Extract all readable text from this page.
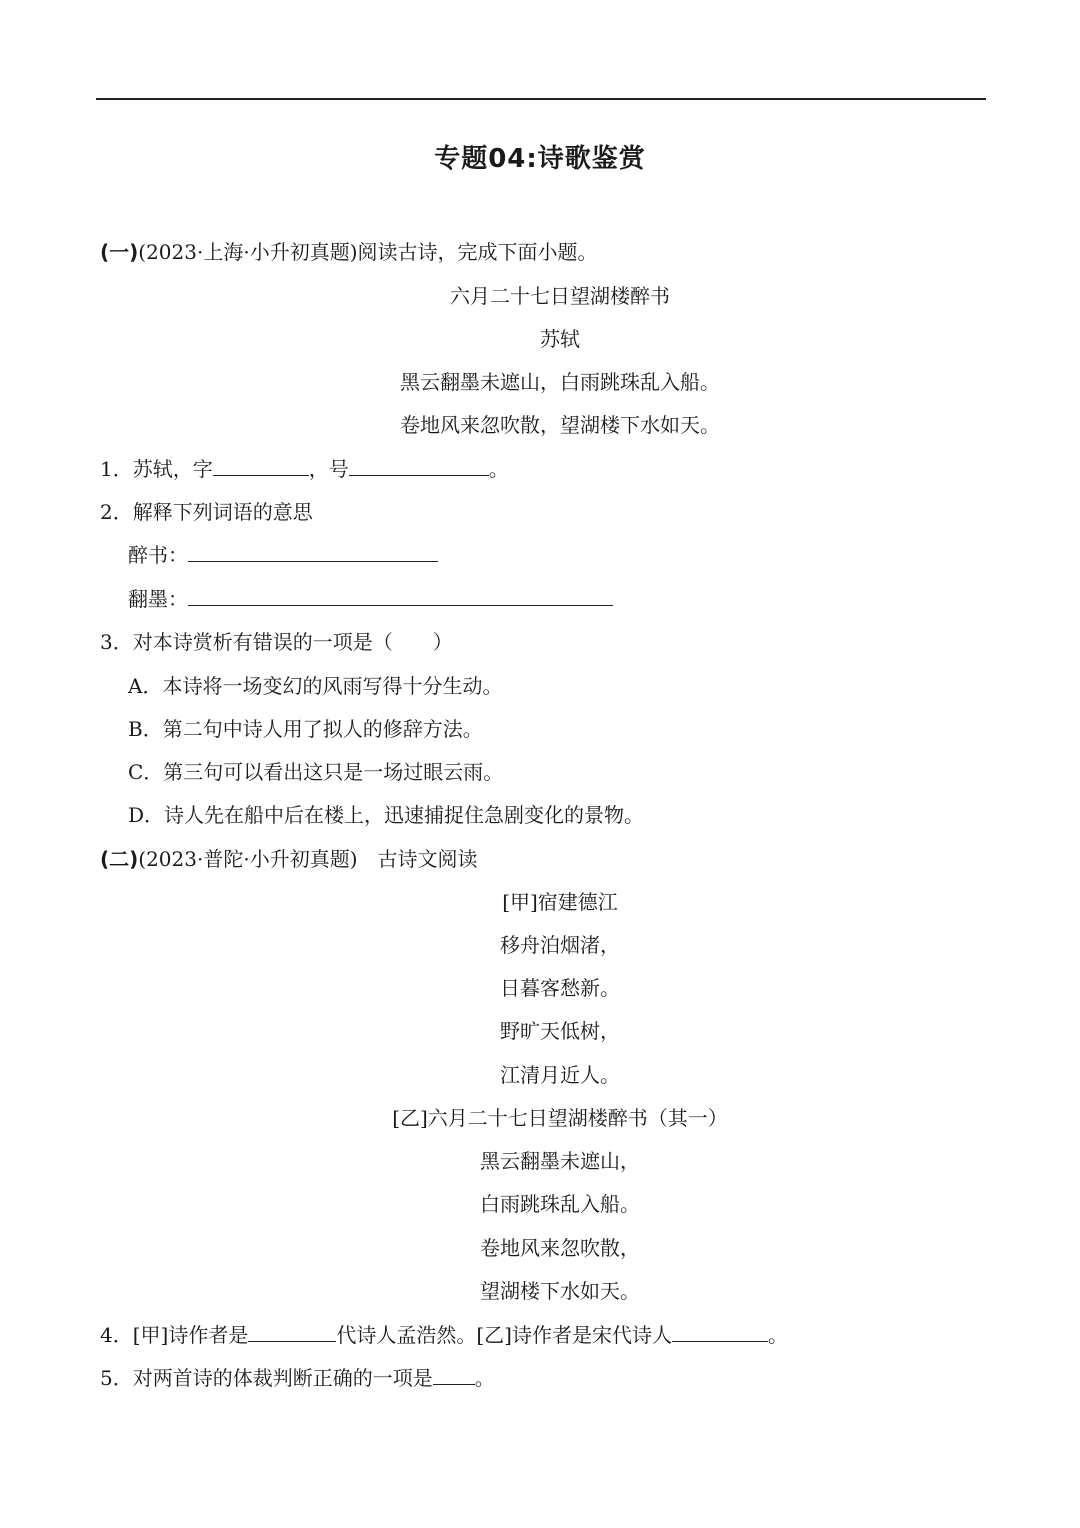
专题04:诗歌鉴赏
(一)(2023·上海·小升初真题)阅读古诗，完成下面小题。
六月二十七日望湖楼醉书
苏轼
黑云翻墨未遮山，白雨跳珠乱入船。
卷地风来忽吹散，望湖楼下水如天。
1．苏轼，字	，号	。
2．解释下列词语的意思
醉书：
翻墨：
3．对本诗赏析有错误的一项是（　　）
A．本诗将一场变幻的风雨写得十分生动。
B．第二句中诗人用了拟人的修辞方法。
C．第三句可以看出这只是一场过眼云雨。
D．诗人先在船中后在楼上，迅速捕捉住急剧变化的景物。
(二)(2023·普陀·小升初真题)　古诗文阅读
[甲]宿建德江
移舟泊烟渚，
日暮客愁新。
野旷天低树，
江清月近人。
[乙]六月二十七日望湖楼醉书（其一）
黑云翻墨未遮山，
白雨跳珠乱入船。
卷地风来忽吹散，
望湖楼下水如天。
4．[甲]诗作者是	代诗人孟浩然。[乙]诗作者是宋代诗人	。
5．对两首诗的体裁判断正确的一项是 。
